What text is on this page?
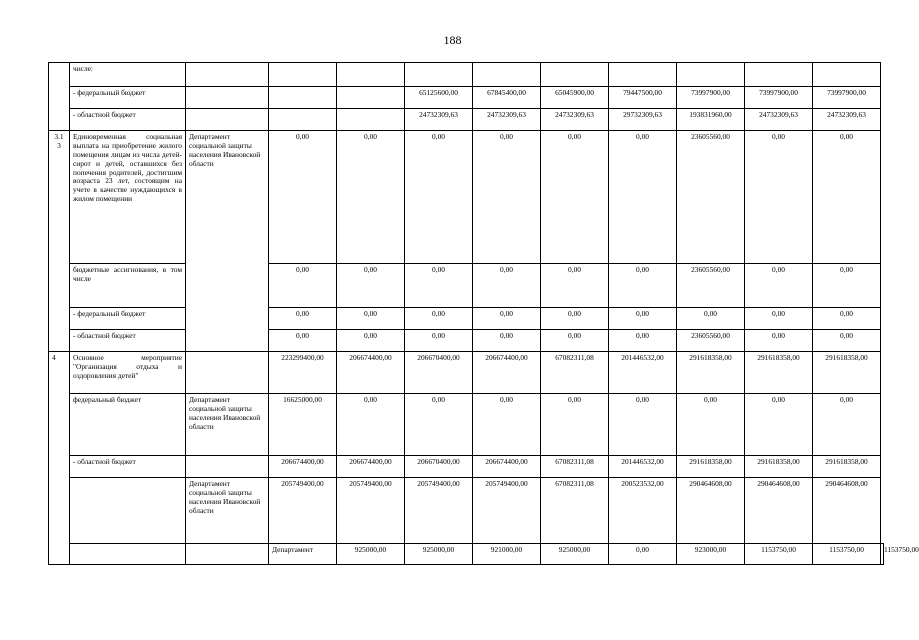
188
	числе:											
	- федеральный бюджет				65125600,00	67845400,00	65045900,00	79447500,00	73997900,00	73997900,00	73997900,00	
	- областной бюджет				24732309,63	24732309,63	24732309,63	29732309,63	193831960,00	24732309,63	24732309,63	
3.1 3	Единовременная социальная выплата на приобретение жилого помещения лицам из числа детей-сирот и детей, оставшихся без попечения родителей, достигшим возраста 23 лет, состоящим на учете в качестве нуждающихся в жилом помещении	Департамент социальной защиты населения Ивановской области	0,00	0,00	0,00	0,00	0,00	0,00	23605560,00	0,00	0,00	
	бюджетные ассигнования, в том числе		0,00	0,00	0,00	0,00	0,00	0,00	23605560,00	0,00	0,00	
	- федеральный бюджет		0,00	0,00	0,00	0,00	0,00	0,00	0,00	0,00	0,00	
	- областной бюджет		0,00	0,00	0,00	0,00	0,00	0,00	23605560,00	0,00	0,00	
4	Основное мероприятие "Организация отдыха и оздоровления детей"		223299400,00	206674400,00	206670400,00	206674400,00	67082311,08	201446532,00	291618358,00	291618358,00	291618358,00	
	федеральный бюджет	Департамент социальной защиты населения Ивановской области	16625000,00	0,00	0,00	0,00	0,00	0,00	0,00	0,00	0,00	
	- областной бюджет		206674400,00	206674400,00	206670400,00	206674400,00	67082311,08	201446532,00	291618358,00	291618358,00	291618358,00	
		Департамент социальной защиты населения Ивановской области	205749400,00	205749400,00	205749400,00	205749400,00	67082311,08	200523532,00	290464608,00	290464608,00	290464608,00	
			Департамент	925000,00	925000,00	921000,00	925000,00	0,00	923000,00	1153750,00	1153750,00	1153750,00
